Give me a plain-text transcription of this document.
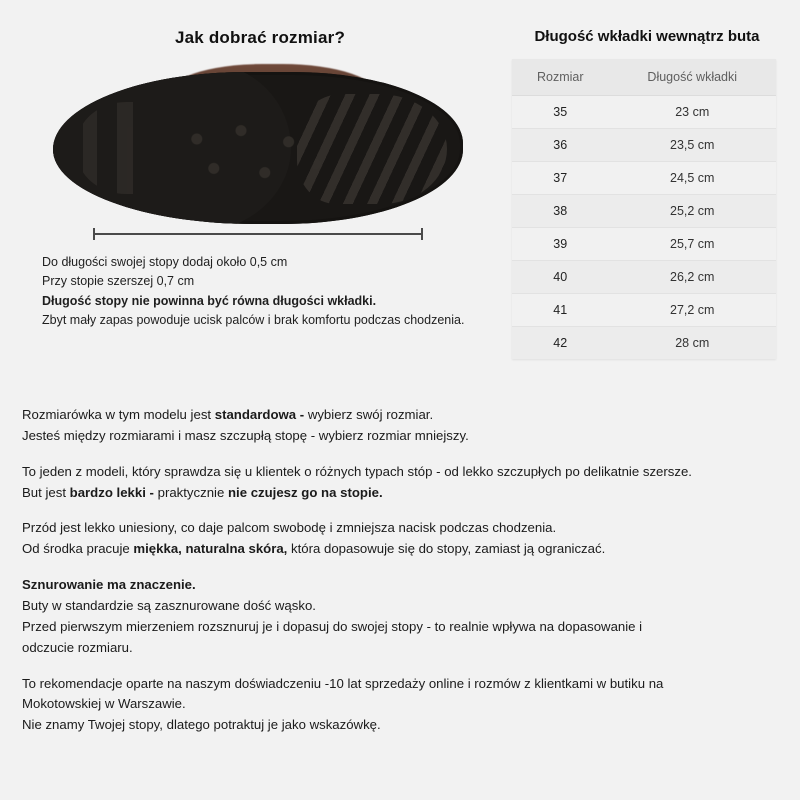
Jak dobrać rozmiar?
Do długości swojej stopy dodaj około 0,5 cm
Przy stopie szerszej 0,7 cm
Długość stopy nie powinna być równa długości wkładki.
Zbyt mały zapas powoduje ucisk palców i brak komfortu podczas chodzenia.
Długość wkładki wewnątrz buta
Rozmiar	Długość wkładki
35	23 cm
36	23,5 cm
37	24,5 cm
38	25,2 cm
39	25,7 cm
40	26,2 cm
41	27,2 cm
42	28 cm

Rozmiarówka w tym modelu jest standardowa - wybierz swój rozmiar.

Jesteś między rozmiarami i masz szczupłą stopę - wybierz rozmiar mniejszy.

To jeden z modeli, który sprawdza się u klientek o różnych typach stóp - od lekko szczupłych po delikatnie szersze.

But jest bardzo lekki - praktycznie nie czujesz go na stopie.

Przód jest lekko uniesiony, co daje palcom swobodę i zmniejsza nacisk podczas chodzenia.

Od środka pracuje miękka, naturalna skóra, która dopasowuje się do stopy, zamiast ją ograniczać.

Sznurowanie ma znaczenie.

Buty w standardzie są zasznurowane dość wąsko.

Przed pierwszym mierzeniem rozsznuruj je i dopasuj do swojej stopy - to realnie wpływa na dopasowanie i

odczucie rozmiaru.

To rekomendacje oparte na naszym doświadczeniu -10 lat sprzedaży online i rozmów z klientkami w butiku na

Mokotowskiej w Warszawie.

Nie znamy Twojej stopy, dlatego potraktuj je jako wskazówkę.
